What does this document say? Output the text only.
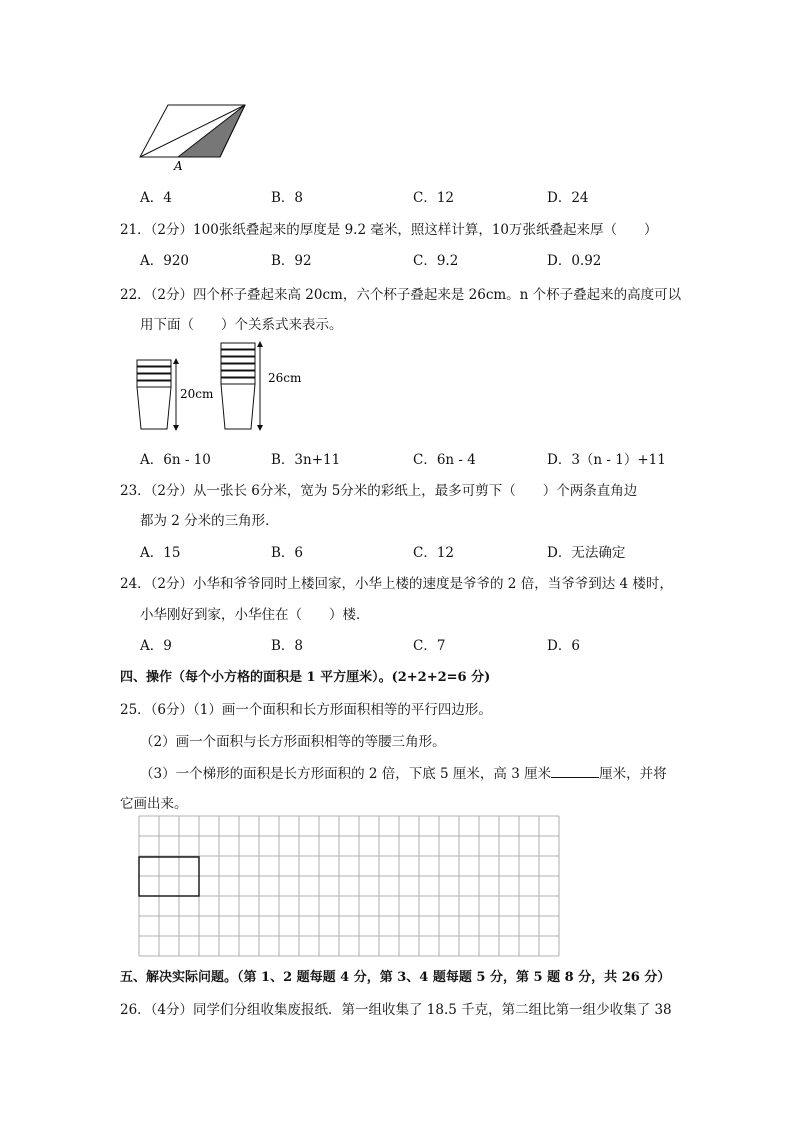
A
A．4	B．8	C．12	D．24
21．（2分）100张纸叠起来的厚度是 9.2 毫米，照这样计算，10万张纸叠起来厚（　　）
A．920	B．92	C．9.2	D．0.92
22．（2分）四个杯子叠起来高 20cm，六个杯子叠起来是 26cm。n 个杯子叠起来的高度可以
用下面（　　）个关系式来表示。
20cm
26cm
A．6n - 10	B．3n+11	C．6n - 4	D．3（n - 1）+11
23．（2分）从一张长 6分米，宽为 5分米的彩纸上，最多可剪下（　　）个两条直角边
都为 2 分米的三角形．
A．15	B．6	C．12	D．无法确定
24．（2分）小华和爷爷同时上楼回家，小华上楼的速度是爷爷的 2 倍，当爷爷到达 4 楼时，
小华刚好到家，小华住在（　　）楼．
A．9	B．8	C．7	D．6
四、操作（每个小方格的面积是 1 平方厘米）。(2+2+2=6 分)
25．（6分）（1）画一个面积和长方形面积相等的平行四边形。
（2）画一个面积与长方形面积相等的等腰三角形。
（3）一个梯形的面积是长方形面积的 2 倍，下底 5 厘米，高 3 厘米	厘米，并将
它画出来。
五、解决实际问题。（第 1、2 题每题 4 分，第 3、4 题每题 5 分，第 5 题 8 分，共 26 分）
26．（4分）同学们分组收集废报纸．第一组收集了 18.5 千克，第二组比第一组少收集了 38
